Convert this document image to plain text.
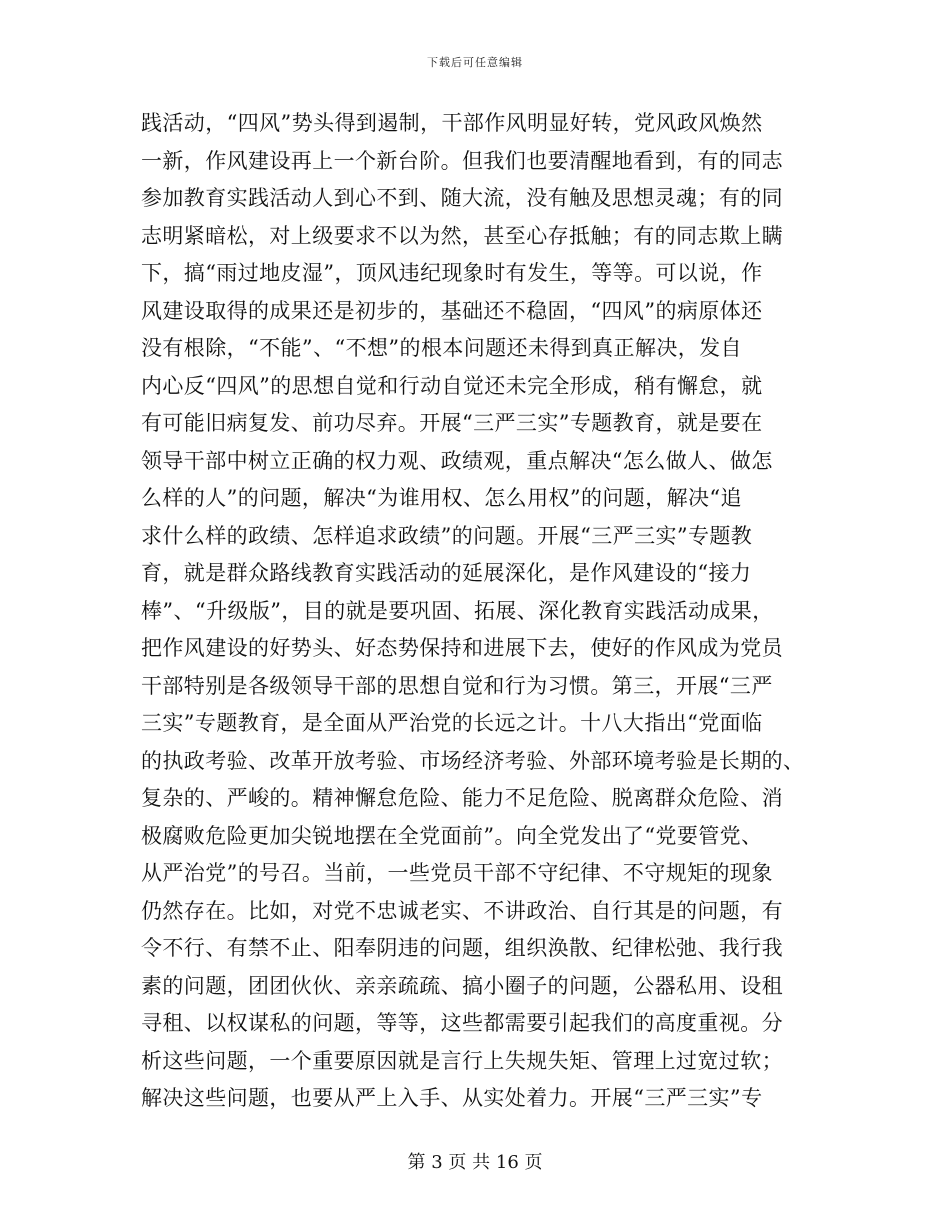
下载后可任意编辑
践活动，“四风”势头得到遏制，干部作风明显好转，党风政风焕然
一新，作风建设再上一个新台阶。但我们也要清醒地看到，有的同志
参加教育实践活动人到心不到、随大流，没有触及思想灵魂；有的同
志明紧暗松，对上级要求不以为然，甚至心存抵触；有的同志欺上瞒
下，搞“雨过地皮湿”，顶风违纪现象时有发生，等等。可以说，作
风建设取得的成果还是初步的，基础还不稳固，“四风”的病原体还
没有根除，“不能”、“不想”的根本问题还未得到真正解决，发自
内心反“四风”的思想自觉和行动自觉还未完全形成，稍有懈怠，就
有可能旧病复发、前功尽弃。开展“三严三实”专题教育，就是要在
领导干部中树立正确的权力观、政绩观，重点解决“怎么做人、做怎
么样的人”的问题，解决“为谁用权、怎么用权”的问题，解决“追
求什么样的政绩、怎样追求政绩”的问题。开展“三严三实”专题教
育，就是群众路线教育实践活动的延展深化，是作风建设的“接力
棒”、“升级版”，目的就是要巩固、拓展、深化教育实践活动成果，
把作风建设的好势头、好态势保持和进展下去，使好的作风成为党员
干部特别是各级领导干部的思想自觉和行为习惯。第三，开展“三严
三实”专题教育，是全面从严治党的长远之计。十八大指出“党面临
的执政考验、改革开放考验、市场经济考验、外部环境考验是长期的、
复杂的、严峻的。精神懈怠危险、能力不足危险、脱离群众危险、消
极腐败危险更加尖锐地摆在全党面前”。向全党发出了“党要管党、
从严治党”的号召。当前，一些党员干部不守纪律、不守规矩的现象
仍然存在。比如，对党不忠诚老实、不讲政治、自行其是的问题，有
令不行、有禁不止、阳奉阴违的问题，组织涣散、纪律松弛、我行我
素的问题，团团伙伙、亲亲疏疏、搞小圈子的问题，公器私用、设租
寻租、以权谋私的问题，等等，这些都需要引起我们的高度重视。分
析这些问题，一个重要原因就是言行上失规失矩、管理上过宽过软；
解决这些问题，也要从严上入手、从实处着力。开展“三严三实”专
第 3 页 共 16 页
